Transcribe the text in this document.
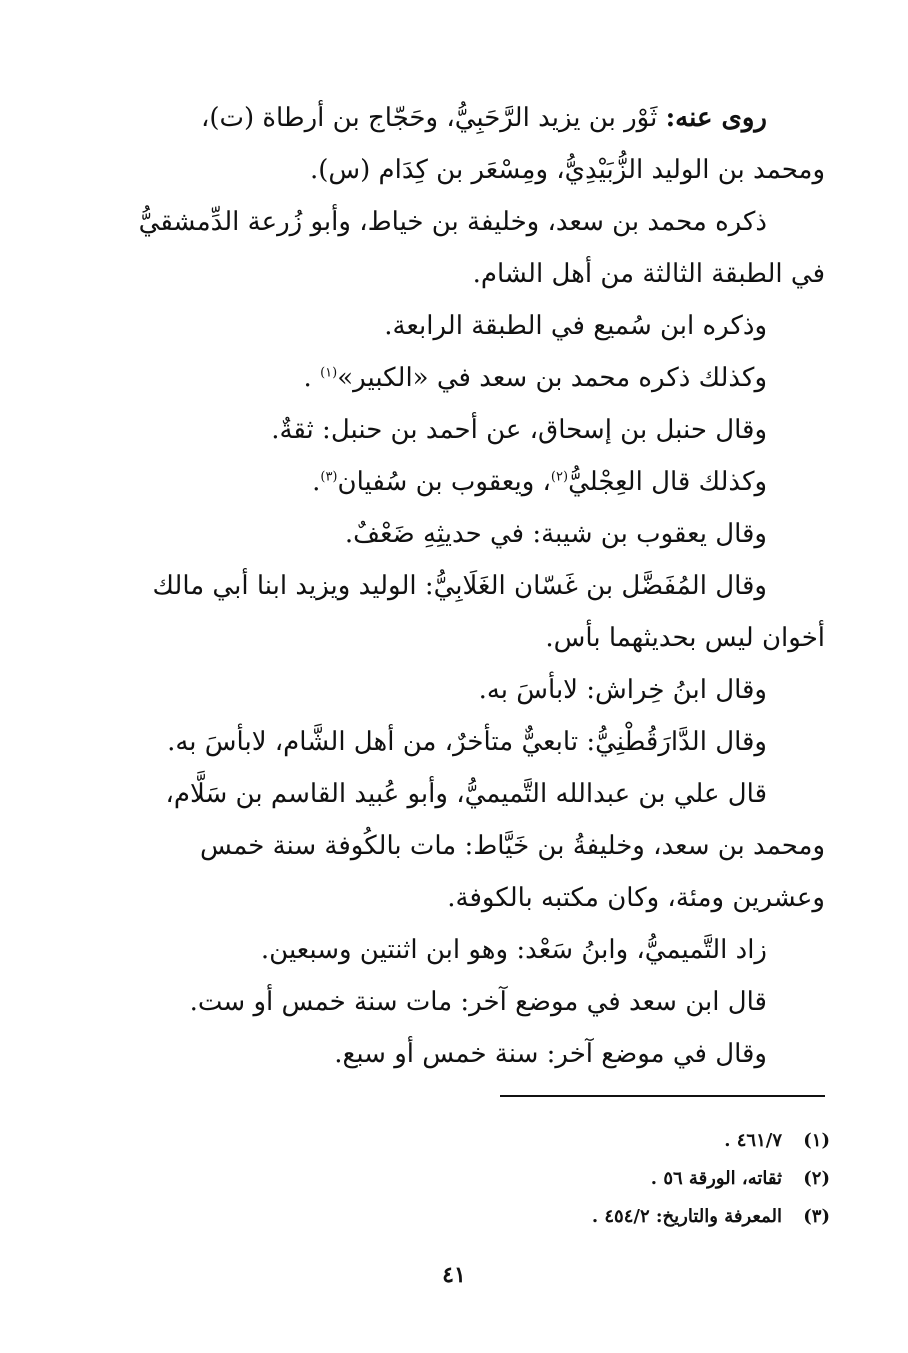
روى عنه: ثَوْر بن يزيد الرَّحَبِيُّ، وحَجّاج بن أرطاة (ت)، ومحمد بن الوليد الزُّبَيْدِيُّ، ومِسْعَر بن كِدَام (س).

ذكره محمد بن سعد، وخليفة بن خياط، وأبو زُرعة الدِّمشقيُّ في الطبقة الثالثة من أهل الشام.

وذكره ابن سُميع في الطبقة الرابعة.

وكذلك ذكره محمد بن سعد في «الكبير»$^{(١)}$ .

وقال حنبل بن إسحاق، عن أحمد بن حنبل: ثقةٌ.

وكذلك قال العِجْليُّ$^{(٢)}$، ويعقوب بن سُفيان$^{(٣)}$.

وقال يعقوب بن شيبة: في حديثِهِ ضَعْفٌ.

وقال المُفَضَّل بن غَسّان الغَلَابِيُّ: الوليد ويزيد ابنا أبي مالك أخوان ليس بحديثهما بأس.

وقال ابنُ خِراش: لابأسَ به.

وقال الدَّارَقُطْنِيُّ: تابعيٌّ متأخرٌ، من أهل الشَّام، لابأسَ به.

قال علي بن عبدالله التَّميميُّ، وأبو عُبيد القاسم بن سَلَّام، ومحمد بن سعد، وخليفةُ بن خَيَّاط: مات بالكُوفة سنة خمس وعشرين ومئة، وكان مكتبه بالكوفة.

زاد التَّميميُّ، وابنُ سَعْد: وهو ابن اثنتين وسبعين.

قال ابن سعد في موضع آخر: مات سنة خمس أو ست.

وقال في موضع آخر: سنة خمس أو سبع.

(١)٤٦١/٧ .
(٢)ثقاته، الورقة ٥٦ .
(٣)المعرفة والتاريخ: ٤٥٤/٢ .
٤١
